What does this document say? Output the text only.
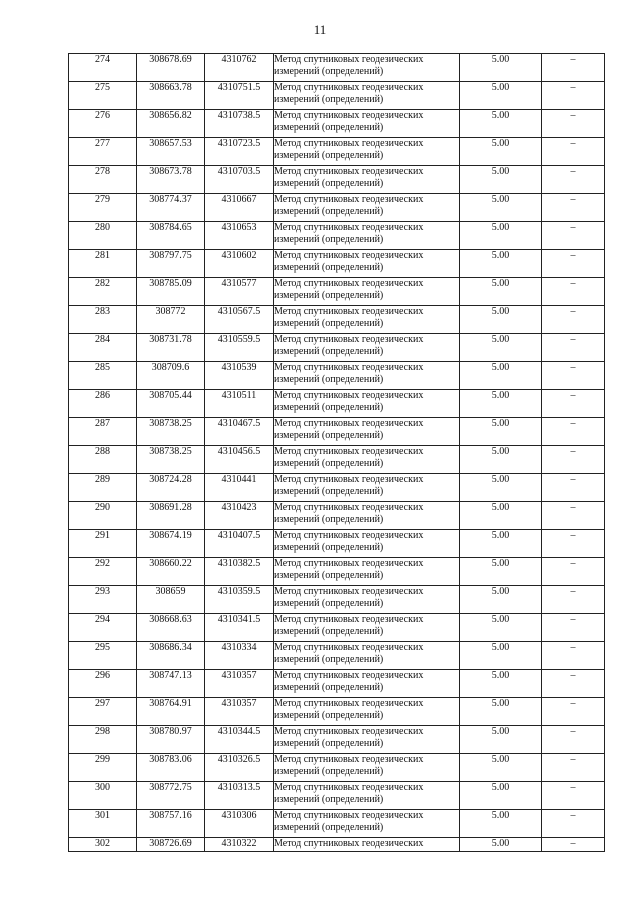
11
274	308678.69	4310762	Метод спутниковых геодезических измерений (определений)	5.00	–
275	308663.78	4310751.5	Метод спутниковых геодезических измерений (определений)	5.00	–
276	308656.82	4310738.5	Метод спутниковых геодезических измерений (определений)	5.00	–
277	308657.53	4310723.5	Метод спутниковых геодезических измерений (определений)	5.00	–
278	308673.78	4310703.5	Метод спутниковых геодезических измерений (определений)	5.00	–
279	308774.37	4310667	Метод спутниковых геодезических измерений (определений)	5.00	–
280	308784.65	4310653	Метод спутниковых геодезических измерений (определений)	5.00	–
281	308797.75	4310602	Метод спутниковых геодезических измерений (определений)	5.00	–
282	308785.09	4310577	Метод спутниковых геодезических измерений (определений)	5.00	–
283	308772	4310567.5	Метод спутниковых геодезических измерений (определений)	5.00	–
284	308731.78	4310559.5	Метод спутниковых геодезических измерений (определений)	5.00	–
285	308709.6	4310539	Метод спутниковых геодезических измерений (определений)	5.00	–
286	308705.44	4310511	Метод спутниковых геодезических измерений (определений)	5.00	–
287	308738.25	4310467.5	Метод спутниковых геодезических измерений (определений)	5.00	–
288	308738.25	4310456.5	Метод спутниковых геодезических измерений (определений)	5.00	–
289	308724.28	4310441	Метод спутниковых геодезических измерений (определений)	5.00	–
290	308691.28	4310423	Метод спутниковых геодезических измерений (определений)	5.00	–
291	308674.19	4310407.5	Метод спутниковых геодезических измерений (определений)	5.00	–
292	308660.22	4310382.5	Метод спутниковых геодезических измерений (определений)	5.00	–
293	308659	4310359.5	Метод спутниковых геодезических измерений (определений)	5.00	–
294	308668.63	4310341.5	Метод спутниковых геодезических измерений (определений)	5.00	–
295	308686.34	4310334	Метод спутниковых геодезических измерений (определений)	5.00	–
296	308747.13	4310357	Метод спутниковых геодезических измерений (определений)	5.00	–
297	308764.91	4310357	Метод спутниковых геодезических измерений (определений)	5.00	–
298	308780.97	4310344.5	Метод спутниковых геодезических измерений (определений)	5.00	–
299	308783.06	4310326.5	Метод спутниковых геодезических измерений (определений)	5.00	–
300	308772.75	4310313.5	Метод спутниковых геодезических измерений (определений)	5.00	–
301	308757.16	4310306	Метод спутниковых геодезических измерений (определений)	5.00	–
302	308726.69	4310322	Метод спутниковых геодезических	5.00	–
